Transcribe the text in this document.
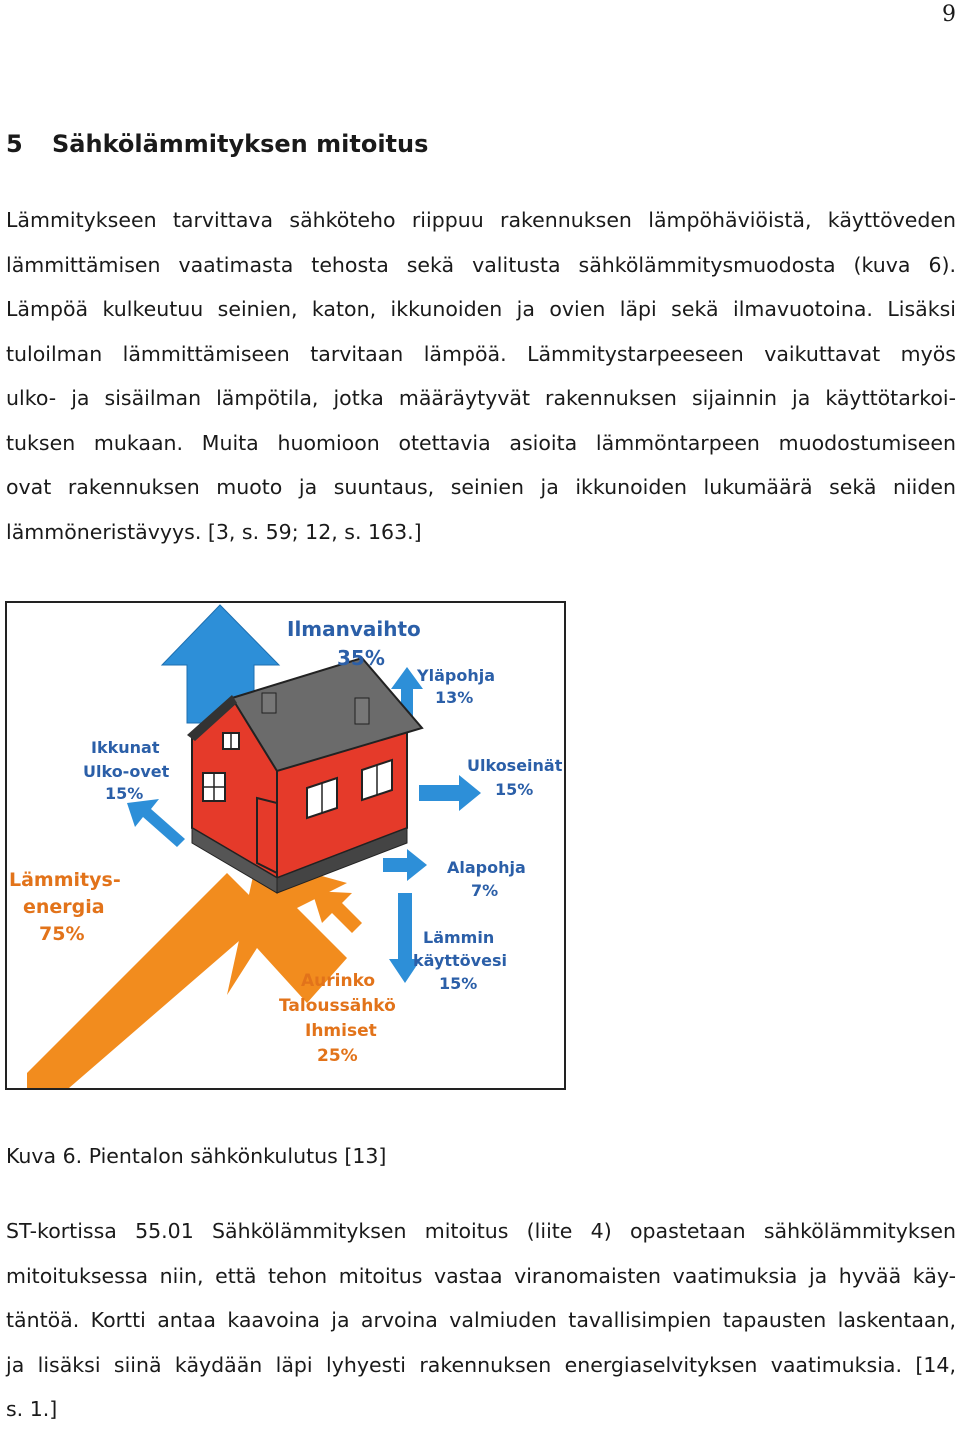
9
5 Sähkölämmityksen mitoitus

Lämmitykseen tarvittava sähköteho riippuu rakennuksen lämpöhäviöistä, käyttöveden
lämmittämisen vaatimasta tehosta sekä valitusta sähkölämmitysmuodosta (kuva 6).
Lämpöä kulkeutuu seinien, katon, ikkunoiden ja ovien läpi sekä ilmavuotoina. Lisäksi
tuloilman lämmittämiseen tarvitaan lämpöä. Lämmitystarpeeseen vaikuttavat myös
ulko- ja sisäilman lämpötila, jotka määräytyvät rakennuksen sijainnin ja käyttötarkoi-
tuksen mukaan. Muita huomioon otettavia asioita lämmöntarpeen muodostumiseen
ovat rakennuksen muoto ja suuntaus, seinien ja ikkunoiden lukumäärä sekä niiden
lämmöneristävyys. [3, s. 59; 12, s. 163.]

Ilmanvaihto
35%
Yläpohja
13%
Ikkunat
Ulko-ovet
15%
Ulkoseinät
15%
Alapohja
7%
Lämmin
käyttövesi
15%
Lämmitys-
energia
75%
Aurinko
Taloussähkö
Ihmiset
25%

Kuva 6. Pientalon sähkönkulutus [13]

ST-kortissa 55.01 Sähkölämmityksen mitoitus (liite 4) opastetaan sähkölämmityksen
mitoituksessa niin, että tehon mitoitus vastaa viranomaisten vaatimuksia ja hyvää käy-
täntöä. Kortti antaa kaavoina ja arvoina valmiuden tavallisimpien tapausten laskentaan,
ja lisäksi siinä käydään läpi lyhyesti rakennuksen energiaselvityksen vaatimuksia. [14,
s. 1.]
